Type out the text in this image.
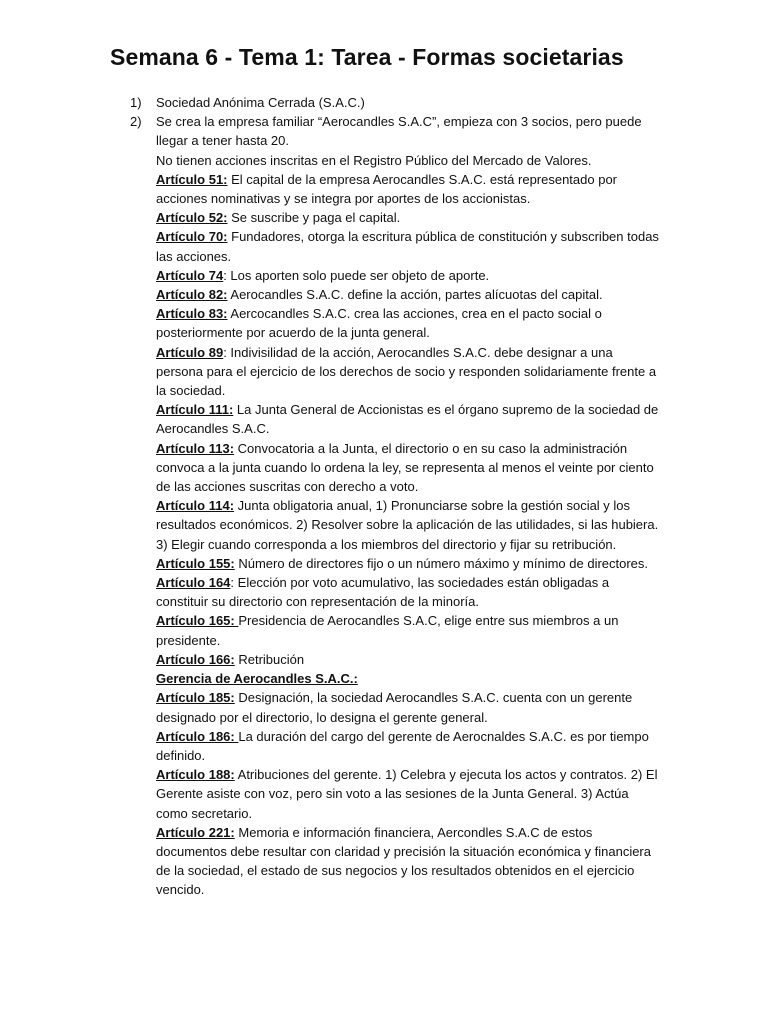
Semana 6 - Tema 1: Tarea - Formas societarias
1)	Sociedad Anónima Cerrada (S.A.C.)
2)	Se crea la empresa familiar “Aerocandles S.A.C”, empieza con 3 socios, pero puede llegar a tener hasta 20.

No tienen acciones inscritas en el Registro Público del Mercado de Valores.

Artículo 51: El capital de la empresa Aerocandles S.A.C. está representado por acciones nominativas y se integra por aportes de los accionistas.

Artículo 52: Se suscribe y paga el capital.

Artículo 70: Fundadores, otorga la escritura pública de constitución y subscriben todas las acciones.

Artículo 74: Los aporten solo puede ser objeto de aporte.

Artículo 82: Aerocandles S.A.C. define la acción, partes alícuotas del capital.

Artículo 83: Aercocandles S.A.C. crea las acciones, crea en el pacto social o posteriormente por acuerdo de la junta general.

Artículo 89: Indivisilidad de la acción, Aerocandles S.A.C. debe designar a una persona para el ejercicio de los derechos de socio y responden solidariamente frente a la sociedad.

Artículo 111: La Junta General de Accionistas es el órgano supremo de la sociedad de Aerocandles S.A.C.

Artículo 113: Convocatoria a la Junta, el directorio o en su caso la administración convoca a la junta cuando lo ordena la ley, se representa al menos el veinte por ciento de las acciones suscritas con derecho a voto.

Artículo 114: Junta obligatoria anual, 1) Pronunciarse sobre la gestión social y los resultados económicos. 2) Resolver sobre la aplicación de las utilidades, si las hubiera. 3) Elegir cuando corresponda a los miembros del directorio y fijar su retribución.

Artículo 155: Número de directores fijo o un número máximo y mínimo de directores.

Artículo 164: Elección por voto acumulativo, las sociedades están obligadas a constituir su directorio con representación de la minoría.

Artículo 165: Presidencia de Aerocandles S.A.C, elige entre sus miembros a un presidente.

Artículo 166: Retribución

Gerencia de Aerocandles S.A.C.:

Artículo 185: Designación, la sociedad Aerocandles S.A.C. cuenta con un gerente designado por el directorio, lo designa el gerente general.

Artículo 186: La duración del cargo del gerente de Aerocnaldes S.A.C. es por tiempo definido.

Artículo 188: Atribuciones del gerente. 1) Celebra y ejecuta los actos y contratos. 2) El Gerente asiste con voz, pero sin voto a las sesiones de la Junta General. 3) Actúa como secretario.

Artículo 221: Memoria e información financiera, Aercondles S.A.C de estos documentos debe resultar con claridad y precisión la situación económica y financiera de la sociedad, el estado de sus negocios y los resultados obtenidos en el ejercicio vencido.
